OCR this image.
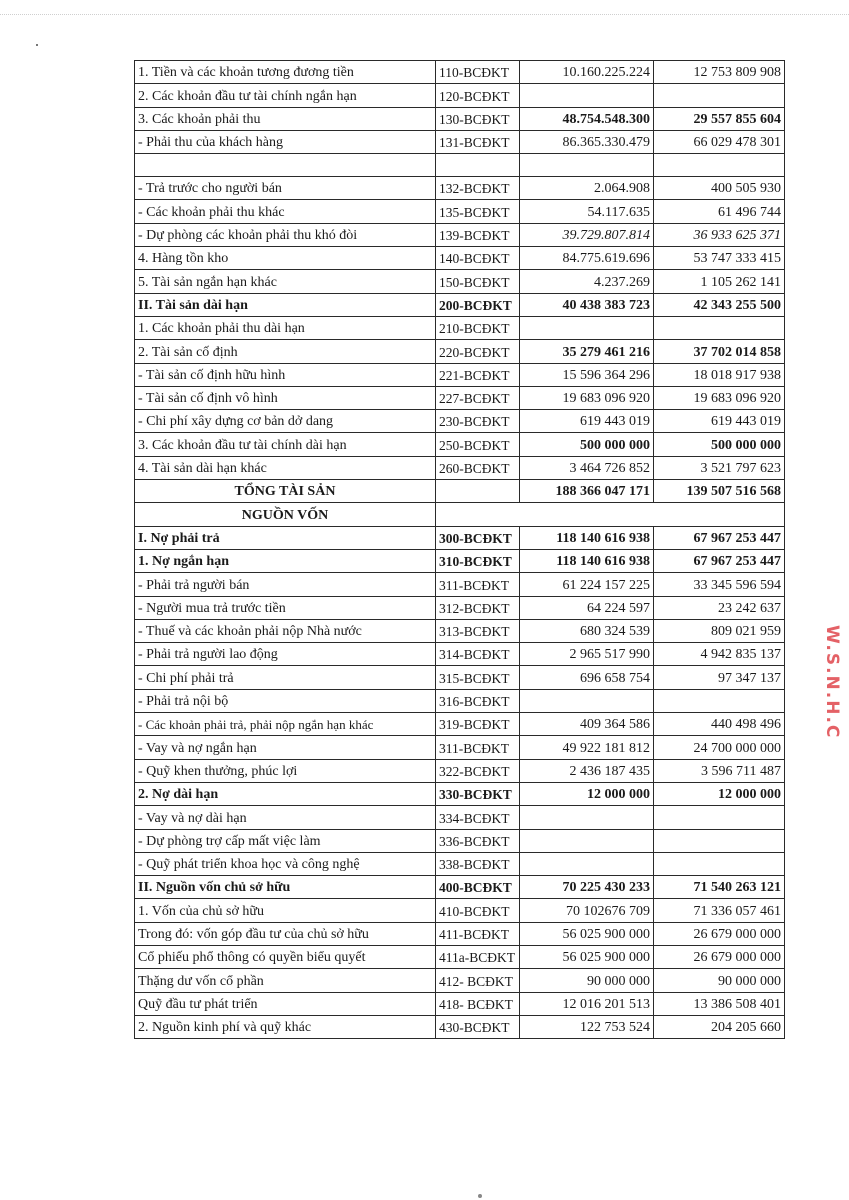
1. Tiền và các khoản tương đương tiền	110-BCĐKT	10.160.225.224	12 753 809 908
2. Các khoản đầu tư tài chính ngắn hạn	120-BCĐKT		
3. Các khoản phải thu	130-BCĐKT	48.754.548.300	29 557 855 604
- Phải thu của khách hàng	131-BCĐKT	86.365.330.479	66 029 478 301

- Trả trước cho người bán	132-BCĐKT	2.064.908	400 505 930
- Các khoản phải thu khác	135-BCĐKT	54.117.635	61 496 744
- Dự phòng các khoản phải thu khó đòi	139-BCĐKT	39.729.807.814	36 933 625 371
4. Hàng tồn kho	140-BCĐKT	84.775.619.696	53 747 333 415
5. Tài sản ngắn hạn khác	150-BCĐKT	4.237.269	1 105 262 141
II. Tài sản dài hạn	200-BCĐKT	40 438 383 723	42 343 255 500
1. Các khoản phải thu dài hạn	210-BCĐKT		
2. Tài sản cố định	220-BCĐKT	35 279 461 216	37 702 014 858
- Tài sản cố định hữu hình	221-BCĐKT	15 596 364 296	18 018 917 938
- Tài sản cố định vô hình	227-BCĐKT	19 683 096 920	19 683 096 920
- Chi phí xây dựng cơ bản dở dang	230-BCĐKT	619 443 019	619 443 019
3. Các khoản đầu tư tài chính dài hạn	250-BCĐKT	500 000 000	500 000 000
4. Tài sản dài hạn khác	260-BCĐKT	3 464 726 852	3 521 797 623
TỔNG TÀI SẢN		188 366 047 171	139 507 516 568
NGUỒN VỐN			
I. Nợ phải trả	300-BCĐKT	118 140 616 938	67 967 253 447
1. Nợ ngắn hạn	310-BCĐKT	118 140 616 938	67 967 253 447
- Phải trả người bán	311-BCĐKT	61 224 157 225	33 345 596 594
- Người mua trả trước tiền	312-BCĐKT	64 224 597	23 242 637
- Thuế và các khoản phải nộp Nhà nước	313-BCĐKT	680 324 539	809 021 959
- Phải trả người lao động	314-BCĐKT	2 965 517 990	4 942 835 137
- Chi phí phải trả	315-BCĐKT	696 658 754	97 347 137
- Phải trả nội bộ	316-BCĐKT		
- Các khoản phải trả, phải nộp ngắn hạn khác	319-BCĐKT	409 364 586	440 498 496
- Vay và nợ ngắn hạn	311-BCĐKT	49 922 181 812	24 700 000 000
- Quỹ khen thưởng, phúc lợi	322-BCĐKT	2 436 187 435	3 596 711 487
2. Nợ dài hạn	330-BCĐKT	12 000 000	12 000 000
- Vay và nợ dài hạn	334-BCĐKT		
- Dự phòng trợ cấp mất việc làm	336-BCĐKT		
- Quỹ phát triển khoa học và công nghệ	338-BCĐKT		
II. Nguồn vốn chủ sở hữu	400-BCĐKT	70 225 430 233	71 540 263 121
1. Vốn của chủ sở hữu	410-BCĐKT	70 102676 709	71 336 057 461
Trong đó: vốn góp đầu tư của chủ sở hữu	411-BCĐKT	56 025 900 000	26 679 000 000
Cổ phiếu phổ thông có quyền biểu quyết	411a-BCĐKT	56 025 900 000	26 679 000 000
Thặng dư vốn cổ phần	412- BCĐKT	90 000 000	90 000 000
Quỹ đầu tư phát triển	418- BCĐKT	12 016 201 513	13 386 508 401
2. Nguồn kinh phí và quỹ khác	430-BCĐKT	122 753 524	204 205 660
W.S.N.H.C
